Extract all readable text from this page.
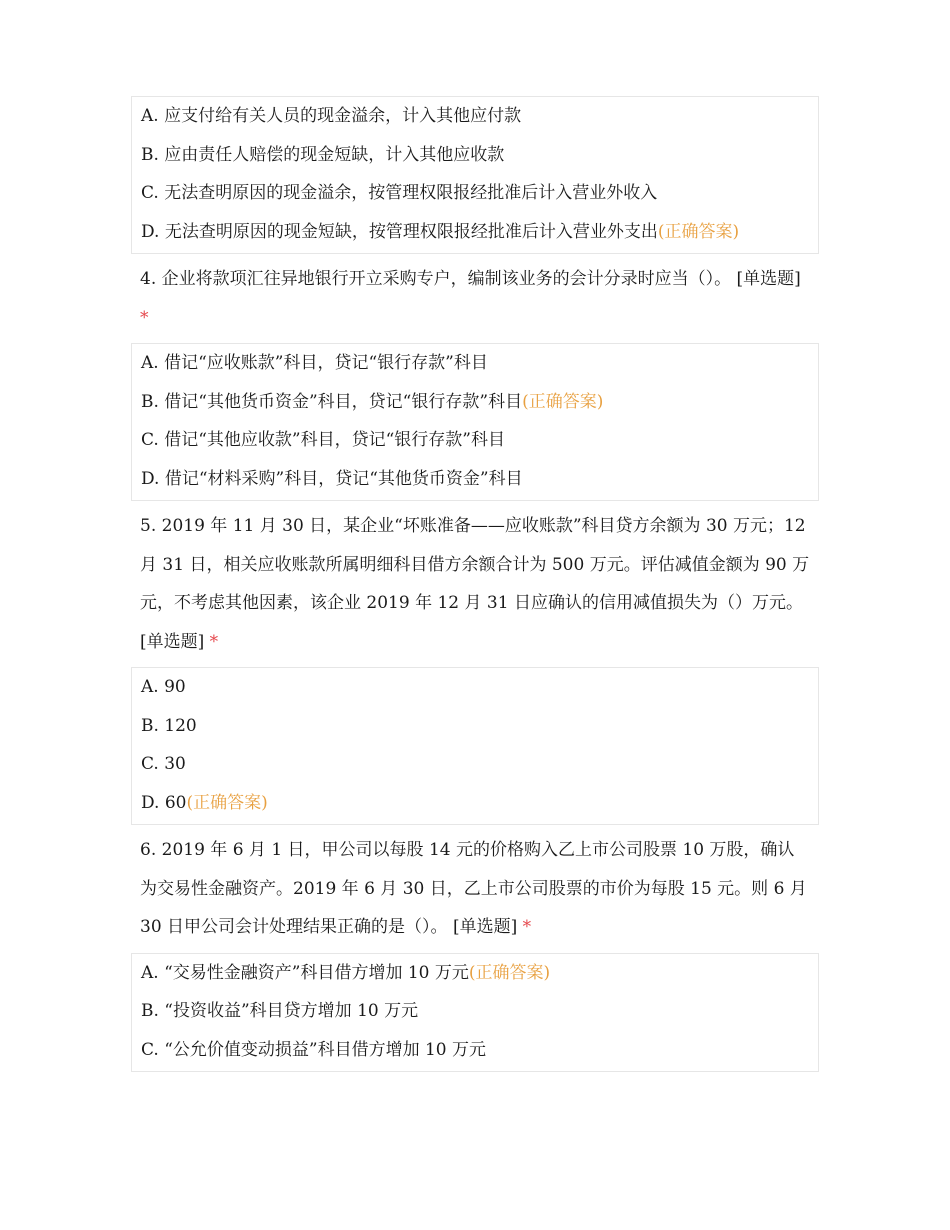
A. 应支付给有关人员的现金溢余，计入其他应付款
B. 应由责任人赔偿的现金短缺，计入其他应收款
C. 无法查明原因的现金溢余，按管理权限报经批准后计入营业外收入
D. 无法查明原因的现金短缺，按管理权限报经批准后计入营业外支出(正确答案)
4. 企业将款项汇往异地银行开立采购专户，编制该业务的会计分录时应当（）。 [单选题] *
A. 借记“应收账款”科目，贷记“银行存款”科目
B. 借记“其他货币资金”科目，贷记“银行存款”科目(正确答案)
C. 借记“其他应收款”科目，贷记“银行存款”科目
D. 借记“材料采购”科目，贷记“其他货币资金”科目
5. 2019 年 11 月 30 日，某企业“坏账准备——应收账款”科目贷方余额为 30 万元；12 月 31 日，相关应收账款所属明细科目借方余额合计为 500 万元。评估减值金额为 90 万元，不考虑其他因素，该企业 2019 年 12 月 31 日应确认的信用减值损失为（）万元。 [单选题] *
A. 90
B. 120
C. 30
D. 60(正确答案)
6. 2019 年 6 月 1 日，甲公司以每股 14 元的价格购入乙上市公司股票 10 万股，确认为交易性金融资产。2019 年 6 月 30 日，乙上市公司股票的市价为每股 15 元。则 6 月 30 日甲公司会计处理结果正确的是（）。 [单选题] *
A. “交易性金融资产”科目借方增加 10 万元(正确答案)
B. “投资收益”科目贷方增加 10 万元
C. “公允价值变动损益”科目借方增加 10 万元
